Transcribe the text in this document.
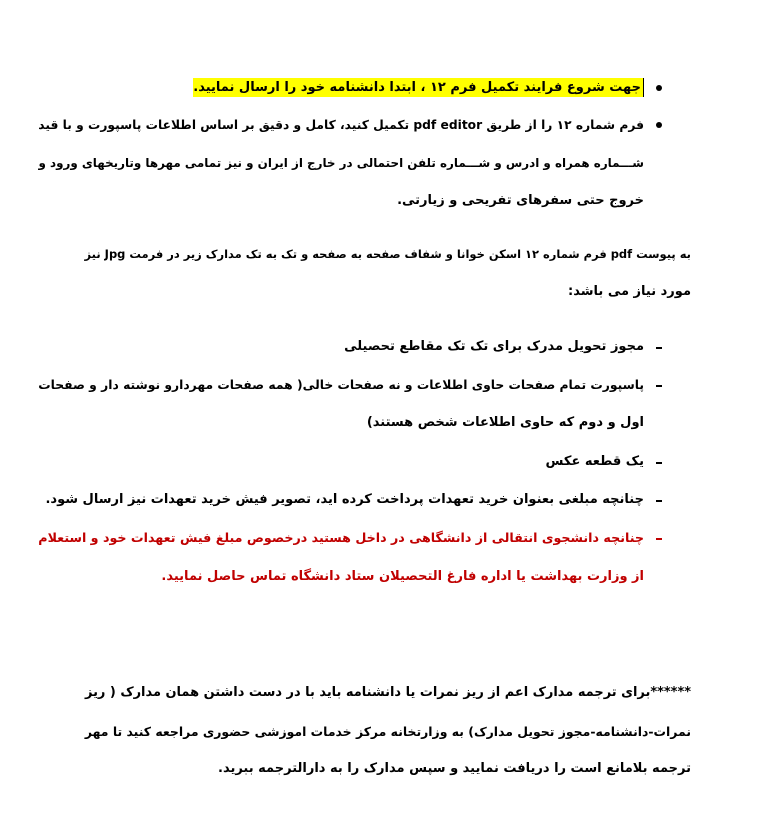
جهت شروع فرایند تکمیل فرم ۱۲ ، ابتدا دانشنامه خود را ارسال نمایید.
فرم شماره ۱۲ را از طریق pdf editor تکمیل کنید، کامل و دقیق بر اساس اطلاعات پاسپورت و با قید
شـــماره همراه و ادرس و شـــماره تلفن احتمالی در خارج از ایران و نیز تمامی مهرها وتاریخهای ورود و
خروج حتی سفرهای تفریحی و زیارتی.
به پیوست pdf فرم شماره ۱۲ اسکن خوانا و شفاف صفحه به صفحه و تک به تک مدارک زیر در فرمت Jpg نیز
مورد نیاز می باشد:
مجوز تحویل مدرک برای تک تک مقاطع تحصیلی
پاسپورت تمام صفحات حاوی اطلاعات و نه صفحات خالی( همه صفحات مهردارو نوشته دار و صفحات
اول و دوم که حاوی اطلاعات شخص هستند)
یک قطعه عکس
چنانچه مبلغی بعنوان خرید تعهدات پرداخت کرده اید، تصویر فیش خرید تعهدات نیز ارسال شود.
چنانچه دانشجوی انتقالی از دانشگاهی در داخل هستید درخصوص مبلغ فیش تعهدات خود و استعلام
از وزارت بهداشت یا اداره فارغ التحصیلان ستاد دانشگاه تماس حاصل نمایید.
******برای ترجمه مدارک اعم از ریز نمرات یا دانشنامه باید با در دست داشتن همان مدارک ( ریز
نمرات-دانشنامه-مجوز تحویل مدارک) به وزارتخانه مرکز خدمات اموزشی حضوری مراجعه کنید تا مهر
ترجمه بلامانع است را دریافت نمایید و سپس مدارک را به دارالترجمه ببرید.
